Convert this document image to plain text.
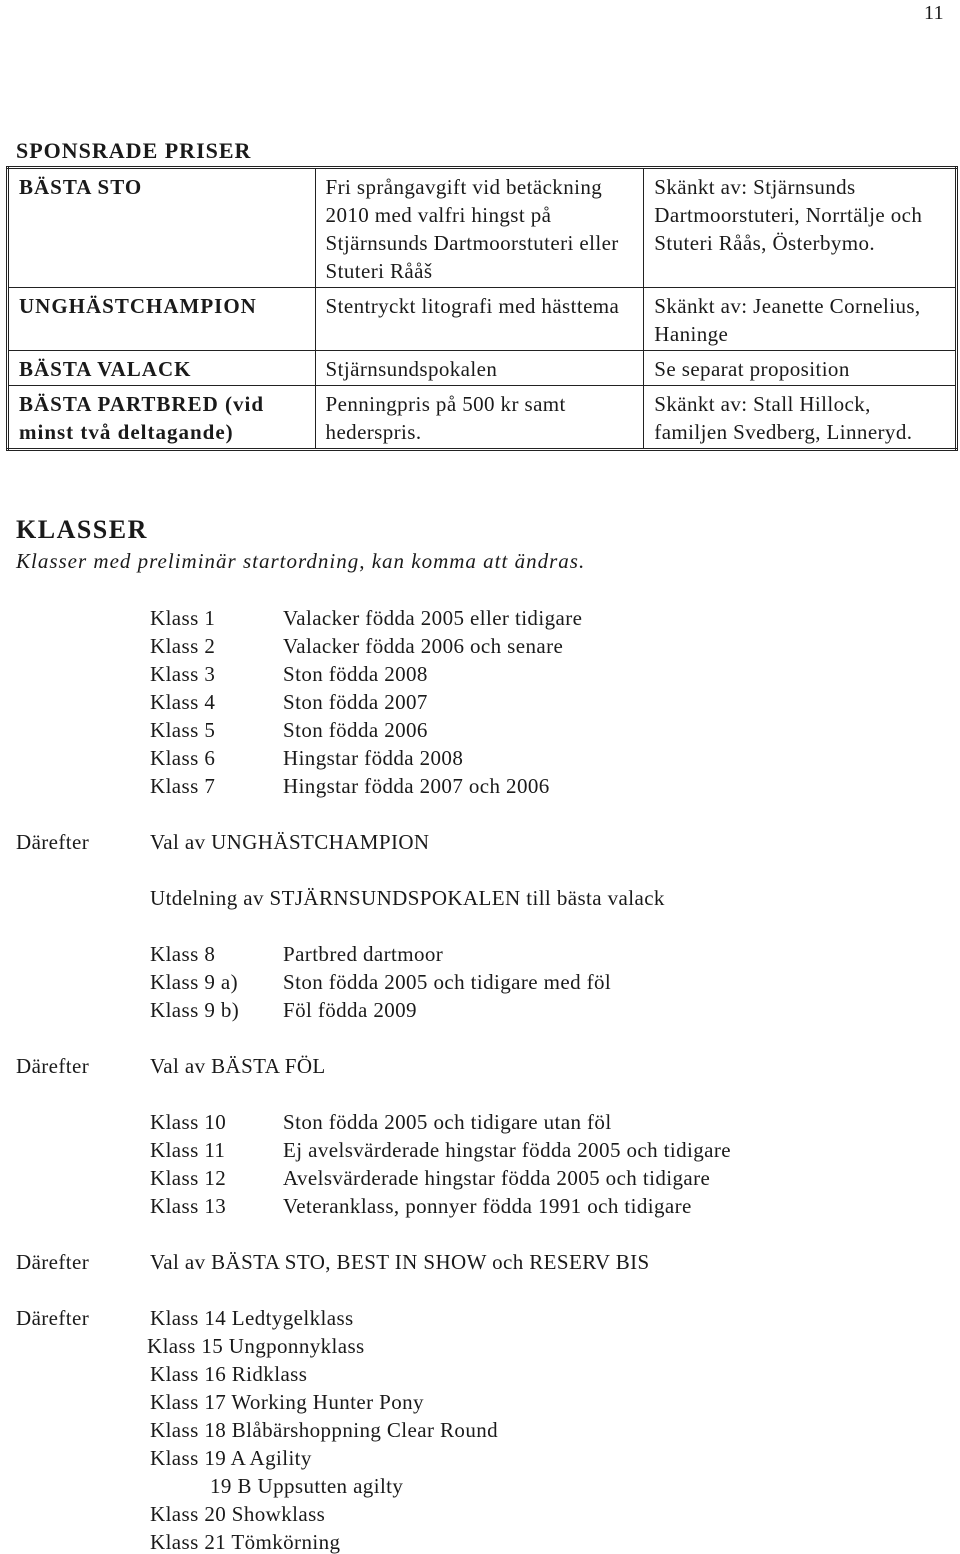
11
SPONSRADE PRISER
BÄSTA STO	Fri språngavgift vid betäckning 2010 med valfri hingst på Stjärnsunds Dartmoorstuteri eller Stuteri Rååš	Skänkt av: Stjärnsunds Dartmoorstuteri, Norrtälje och Stuteri Råås, Österbymo.
UNGHÄSTCHAMPION	Stentryckt litografi med hästtema	Skänkt av: Jeanette Cornelius, Haninge
BÄSTA VALACK	Stjärnsundspokalen	Se separat proposition
BÄSTA PARTBRED (vid minst två deltagande)	Penningpris på 500 kr samt hederspris.	Skänkt av: Stall Hillock, familjen Svedberg, Linneryd.
KLASSER
Klasser med preliminär startordning, kan komma att ändras.
Klass 1	Valacker födda 2005 eller tidigare
Klass 2	Valacker födda 2006 och senare
Klass 3	Ston födda 2008
Klass 4	Ston födda 2007
Klass 5	Ston födda 2006
Klass 6	Hingstar födda 2008
Klass 7	Hingstar födda 2007 och 2006
Därefter	Val av UNGHÄSTCHAMPION
Utdelning av STJÄRNSUNDSPOKALEN till bästa valack
Klass 8	Partbred dartmoor
Klass 9 a) Ston födda 2005 och tidigare med föl
Klass 9 b) Föl födda 2009
Därefter	Val av BÄSTA FÖL
Klass 10	Ston födda 2005 och tidigare utan föl
Klass 11	Ej avelsvärderade hingstar födda 2005 och tidigare
Klass 12	Avelsvärderade hingstar födda 2005 och tidigare
Klass 13	Veteranklass, ponnyer födda 1991 och tidigare
Därefter	Val av BÄSTA STO, BEST IN SHOW och RESERV BIS
Därefter	Klass 14 Ledtygelklass
Klass 15 Ungponnyklass
Klass 16 Ridklass
Klass 17 Working Hunter Pony
Klass 18 Blåbärshoppning Clear Round
Klass 19 A Agility
19 B Uppsutten agilty
Klass 20 Showklass
Klass 21 Tömkörning
